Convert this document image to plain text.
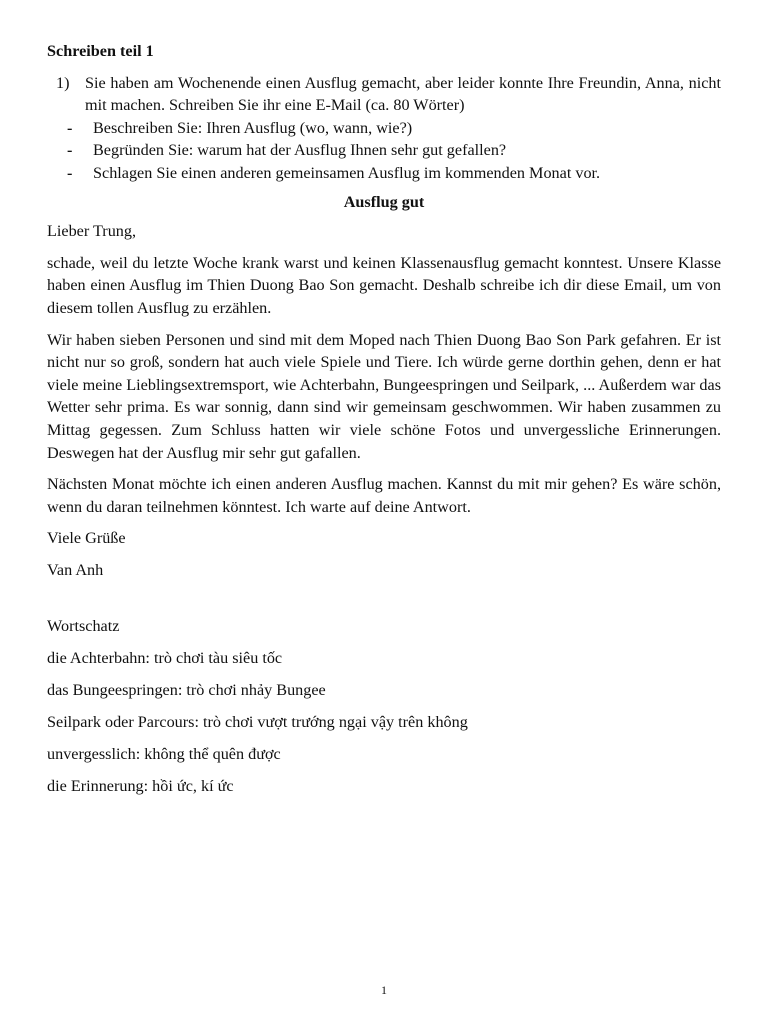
Schreiben teil 1
1) Sie haben am Wochenende einen Ausflug gemacht, aber leider konnte Ihre Freundin, Anna, nicht mit machen. Schreiben Sie ihr eine E-Mail (ca. 80 Wörter)
-	Beschreiben Sie: Ihren Ausflug (wo, wann, wie?)
-	Begründen Sie: warum hat der Ausflug Ihnen sehr gut gefallen?
-	Schlagen Sie einen anderen gemeinsamen Ausflug im kommenden Monat vor.
Ausflug gut

Lieber Trung,

schade, weil du letzte Woche krank warst und keinen Klassenausflug gemacht konntest. Unsere Klasse haben einen Ausflug im Thien Duong Bao Son gemacht. Deshalb schreibe ich dir diese Email, um von diesem tollen Ausflug zu erzählen.

Wir haben sieben Personen und sind mit dem Moped nach Thien Duong Bao Son Park gefahren. Er ist nicht nur so groß, sondern hat auch viele Spiele und Tiere. Ich würde gerne dorthin gehen, denn er hat viele meine Lieblingsextremsport, wie Achterbahn, Bungeespringen und Seilpark, ... Außerdem war das Wetter sehr prima. Es war sonnig, dann sind wir gemeinsam geschwommen. Wir haben zusammen zu Mittag gegessen. Zum Schluss hatten wir viele schöne Fotos und unvergessliche Erinnerungen. Deswegen hat der Ausflug mir sehr gut gafallen.

Nächsten Monat möchte ich einen anderen Ausflug machen. Kannst du mit mir gehen? Es wäre schön, wenn du daran teilnehmen könntest. Ich warte auf deine Antwort.

Viele Grüße

Van Anh

Wortschatz

die Achterbahn: trò chơi tàu siêu tốc

das Bungeespringen: trò chơi nhảy Bungee

Seilpark oder Parcours: trò chơi vượt trướng ngại vậy trên không

unvergesslich: không thể quên được

die Erinnerung: hồi ức, kí ức

1
